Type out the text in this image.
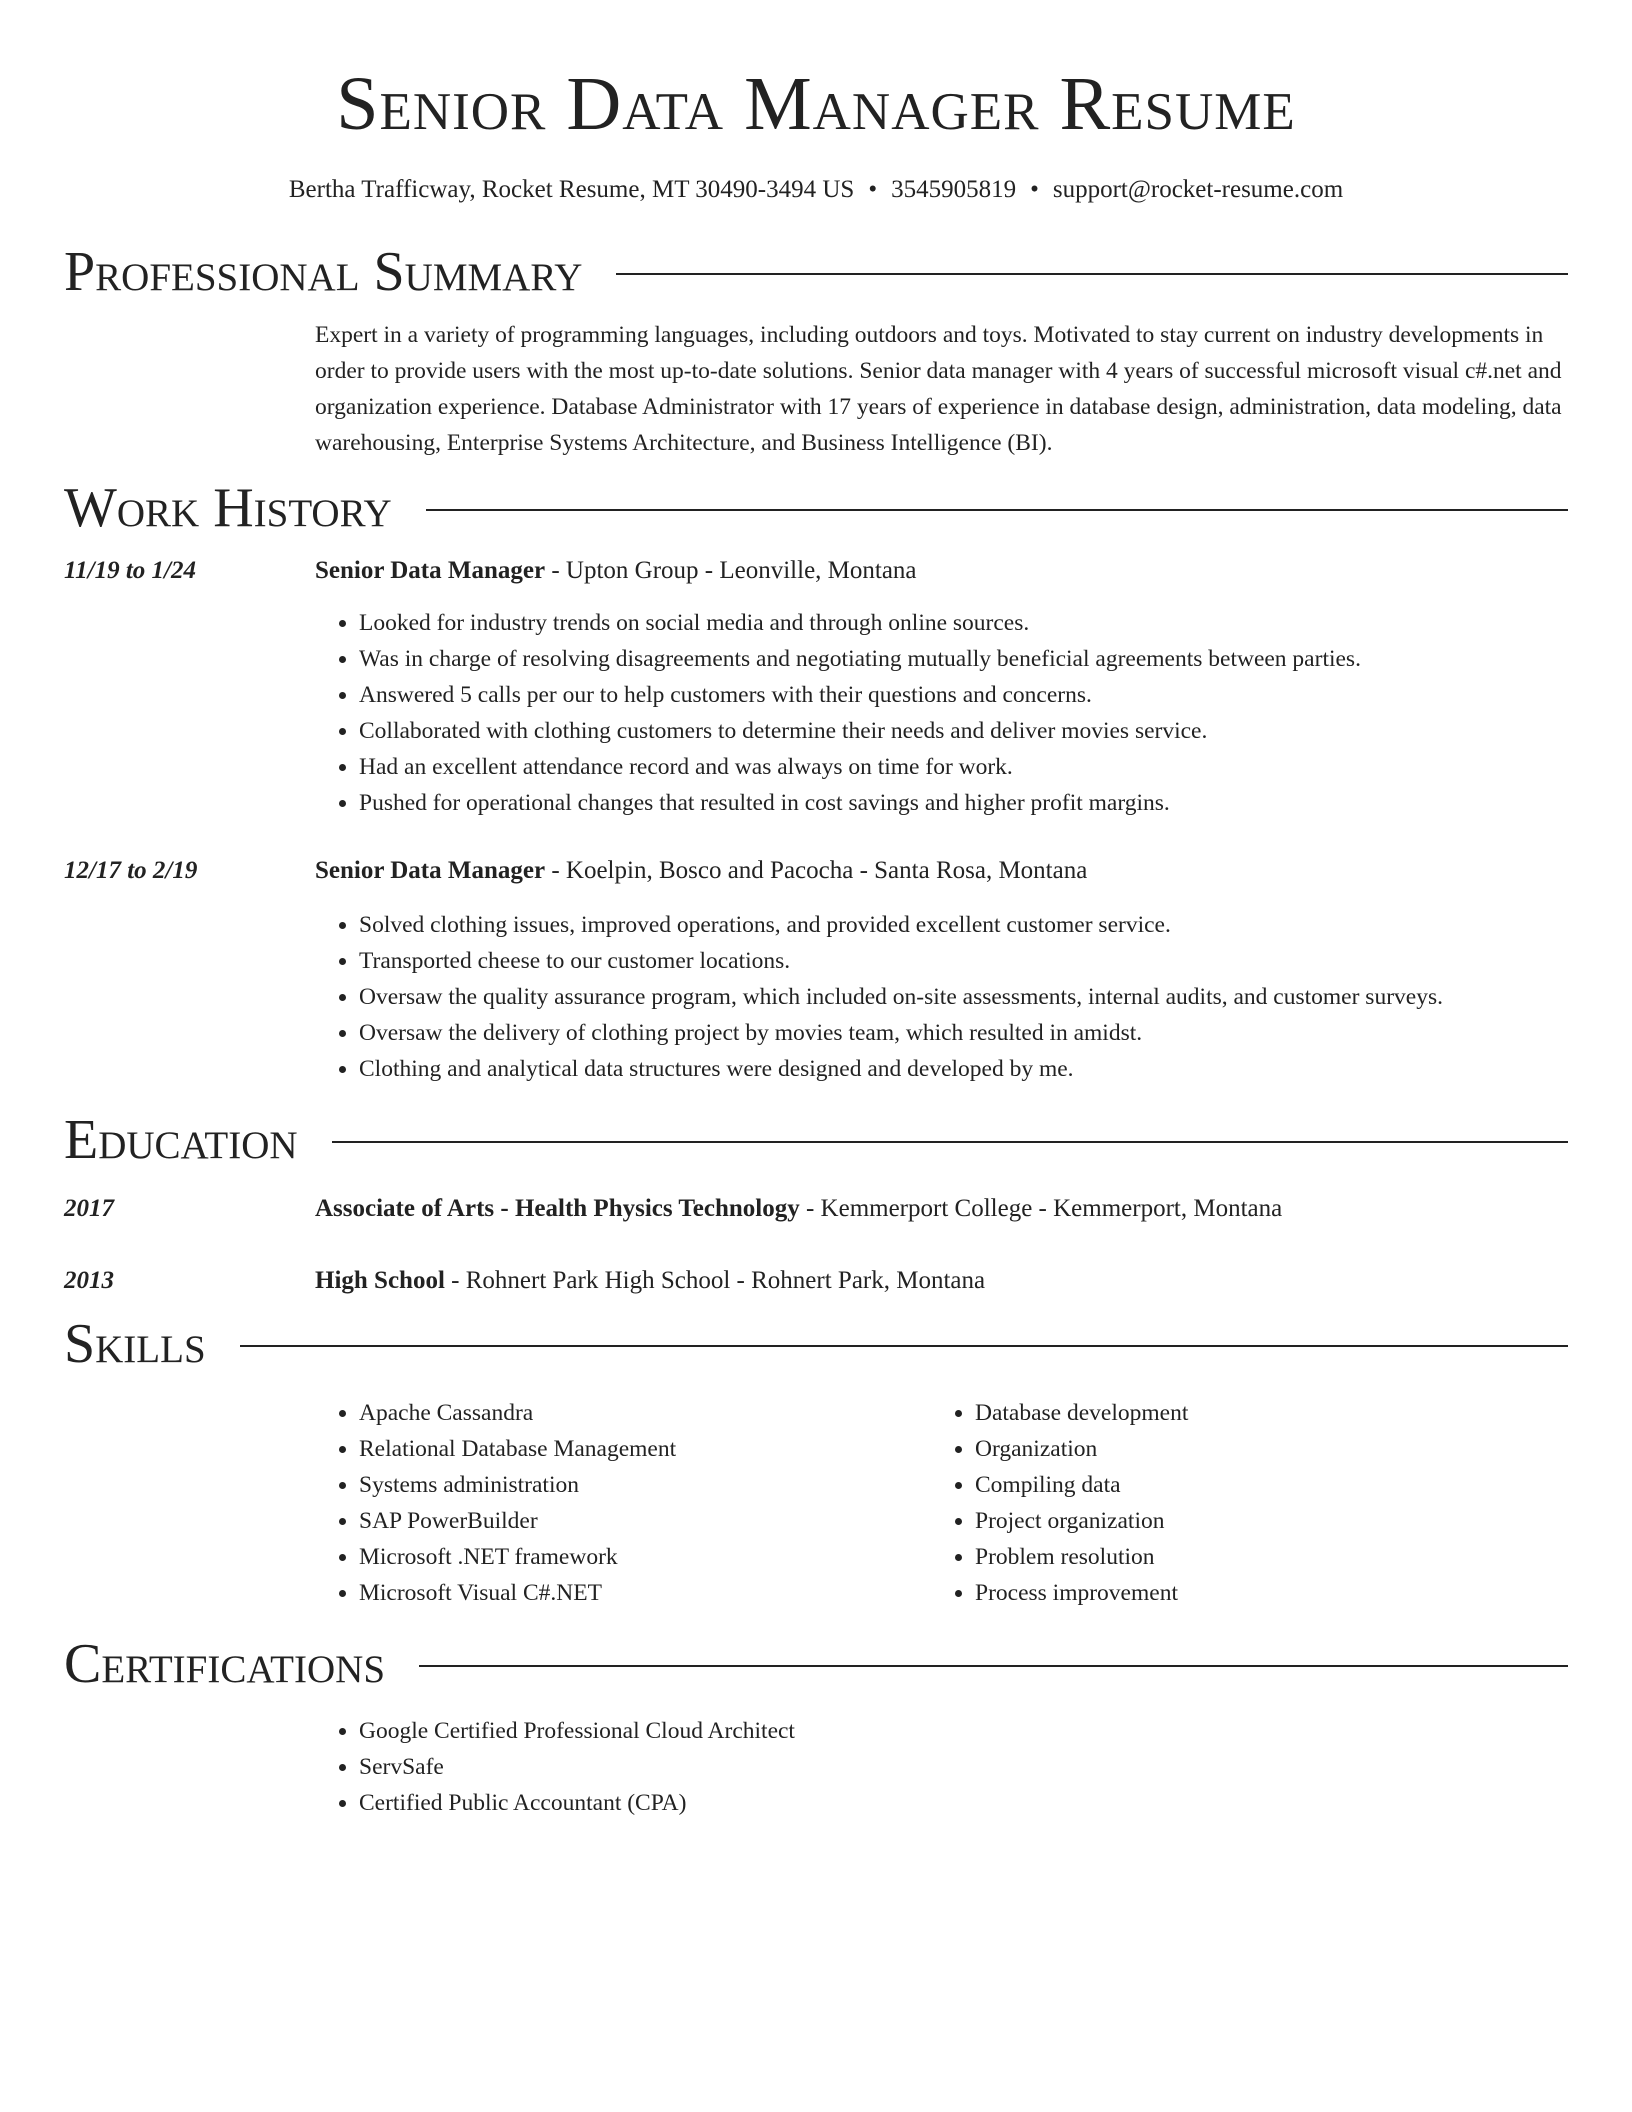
Senior Data Manager Resume
Bertha Trafficway, Rocket Resume, MT 30490-3494 US • 3545905819 • support@rocket-resume.com
Professional Summary

Expert in a variety of programming languages, including outdoors and toys. Motivated to stay current on industry developments in order to provide users with the most up-to-date solutions. Senior data manager with 4 years of successful microsoft visual c#.net and organization experience. Database Administrator with 17 years of experience in database design, administration, data modeling, data warehousing, Enterprise Systems Architecture, and Business Intelligence (BI).

Work History
11/19 to 1/24	Senior Data Manager - Upton Group - Leonville, Montana
• Looked for industry trends on social media and through online sources.
• Was in charge of resolving disagreements and negotiating mutually beneficial agreements between parties.
• Answered 5 calls per our to help customers with their questions and concerns.
• Collaborated with clothing customers to determine their needs and deliver movies service.
• Had an excellent attendance record and was always on time for work.
• Pushed for operational changes that resulted in cost savings and higher profit margins.
12/17 to 2/19	Senior Data Manager - Koelpin, Bosco and Pacocha - Santa Rosa, Montana
• Solved clothing issues, improved operations, and provided excellent customer service.
• Transported cheese to our customer locations.
• Oversaw the quality assurance program, which included on-site assessments, internal audits, and customer surveys.
• Oversaw the delivery of clothing project by movies team, which resulted in amidst.
• Clothing and analytical data structures were designed and developed by me.
Education
2017	Associate of Arts - Health Physics Technology - Kemmerport College - Kemmerport, Montana
2013	High School - Rohnert Park High School - Rohnert Park, Montana
Skills
• Apache Cassandra
• Relational Database Management
• Systems administration
• SAP PowerBuilder
• Microsoft .NET framework
• Microsoft Visual C#.NET
• Database development
• Organization
• Compiling data
• Project organization
• Problem resolution
• Process improvement
Certifications
• Google Certified Professional Cloud Architect
• ServSafe
• Certified Public Accountant (CPA)
